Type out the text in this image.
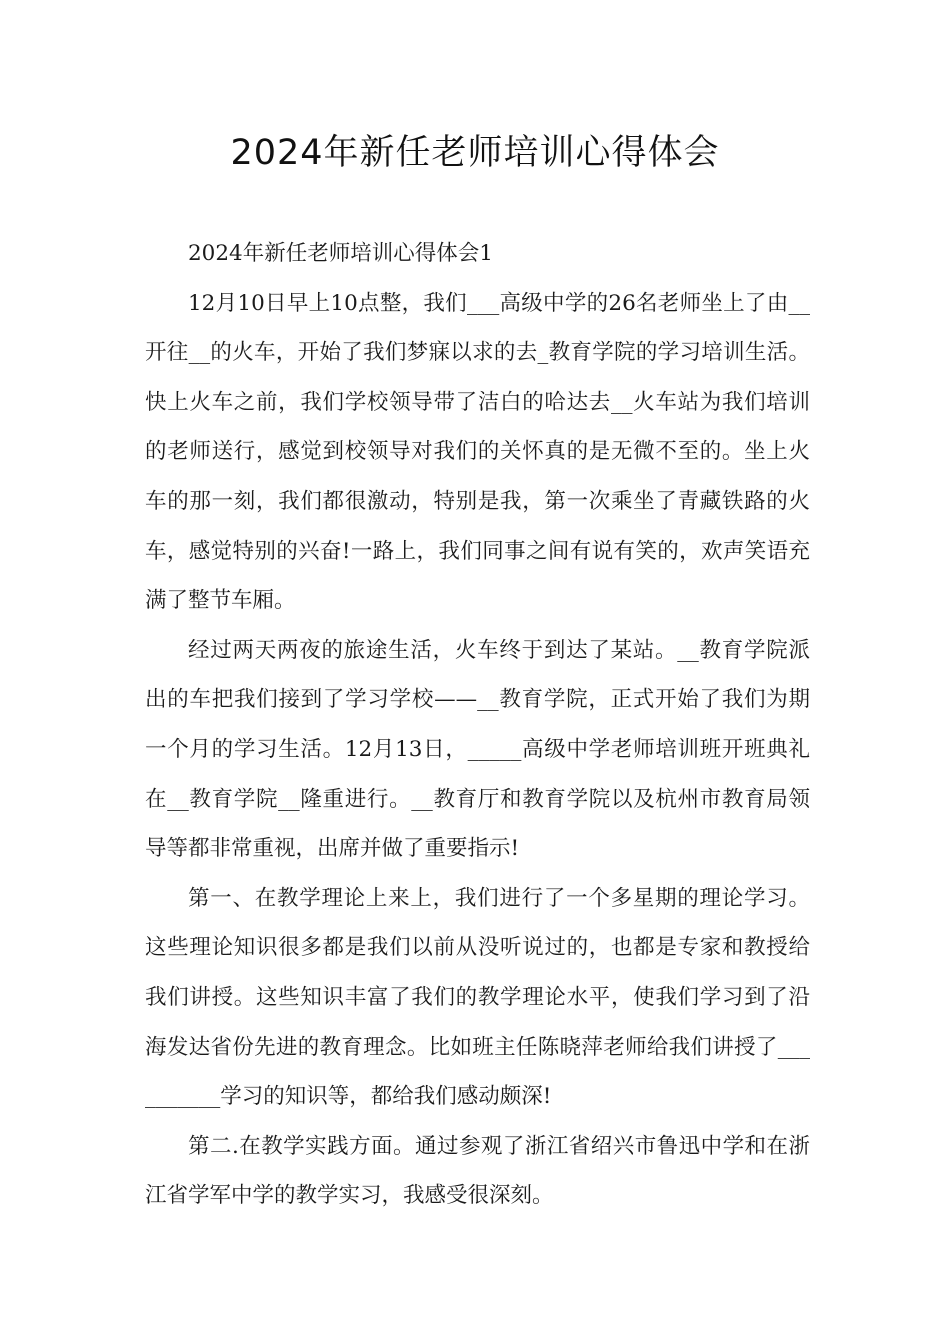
2024年新任老师培训心得体会

2024年新任老师培训心得体会1

12月10日早上10点整，我们___高级中学的26名老师坐上了由__开往__的火车，开始了我们梦寐以求的去_教育学院的学习培训生活。快上火车之前，我们学校领导带了洁白的哈达去__火车站为我们培训的老师送行，感觉到校领导对我们的关怀真的是无微不至的。坐上火车的那一刻，我们都很激动，特别是我，第一次乘坐了青藏铁路的火车，感觉特别的兴奋!一路上，我们同事之间有说有笑的，欢声笑语充满了整节车厢。

经过两天两夜的旅途生活，火车终于到达了某站。__教育学院派出的车把我们接到了学习学校——__教育学院，正式开始了我们为期一个月的学习生活。12月13日，_____高级中学老师培训班开班典礼在__教育学院__隆重进行。__教育厅和教育学院以及杭州市教育局领导等都非常重视，出席并做了重要指示!

第一、在教学理论上来上，我们进行了一个多星期的理论学习。这些理论知识很多都是我们以前从没听说过的，也都是专家和教授给我们讲授。这些知识丰富了我们的教学理论水平，使我们学习到了沿海发达省份先进的教育理念。比如班主任陈晓萍老师给我们讲授了__________学习的知识等，都给我们感动颇深!

第二.在教学实践方面。通过参观了浙江省绍兴市鲁迅中学和在浙江省学军中学的教学实习，我感受很深刻。
